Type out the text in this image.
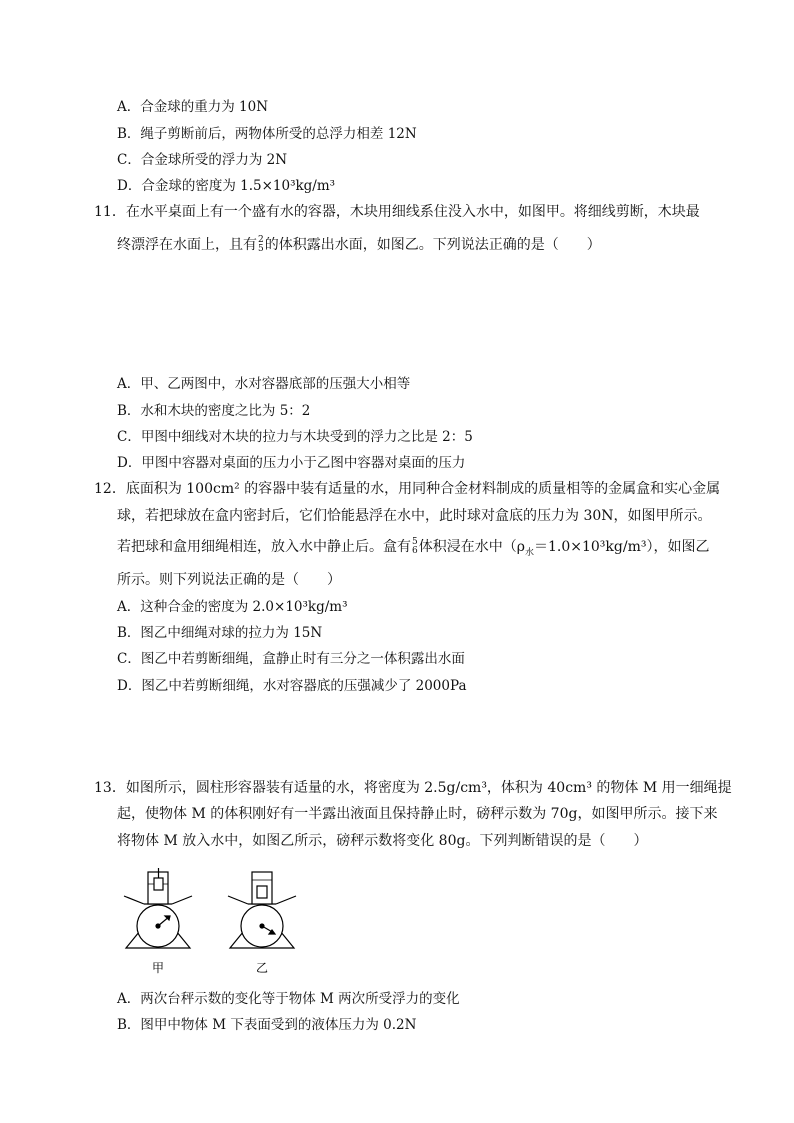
A．合金球的重力为 10N
B．绳子剪断前后，两物体所受的总浮力相差 12N
C．合金球所受的浮力为 2N
D．合金球的密度为 1.5×10³kg/m³
11．在水平桌面上有一个盛有水的容器，木块用细线系住没入水中，如图甲。将细线剪断，木块最
终漂浮在水面上，且有 2
5 的体积露出水面，如图乙。下列说法正确的是（　　）
A．甲、乙两图中，水对容器底部的压强大小相等
B．水和木块的密度之比为 5：2
C．甲图中细线对木块的拉力与木块受到的浮力之比是 2：5
D．甲图中容器对桌面的压力小于乙图中容器对桌面的压力
12．底面积为 100cm² 的容器中装有适量的水，用同种合金材料制成的质量相等的金属盒和实心金属
球，若把球放在盒内密封后，它们恰能悬浮在水中，此时球对盒底的压力为 30N，如图甲所示。
若把球和盒用细绳相连，放入水中静止后。盒有 5
6 体积浸在水中$(\rho_水=1.0\times 10^3kg/m^3)$，如图乙
所示。则下列说法正确的是（　　）
A．这种合金的密度为 2.0×10³kg/m³
B．图乙中细绳对球的拉力为 15N
C．图乙中若剪断细绳，盒静止时有三分之一体积露出水面
D．图乙中若剪断细绳，水对容器底的压强减少了 2000Pa
13．如图所示，圆柱形容器装有适量的水，将密度为 2.5g/cm³，体积为 40cm³ 的物体 M 用一细绳提
起，使物体 M 的体积刚好有一半露出液面且保持静止时，磅秤示数为 70g，如图甲所示。接下来
将物体 M 放入水中，如图乙所示，磅秤示数将变化 80g。下列判断错误的是（　　）
甲	乙
A．两次台秤示数的变化等于物体 M 两次所受浮力的变化
B．图甲中物体 M 下表面受到的液体压力为 0.2N
